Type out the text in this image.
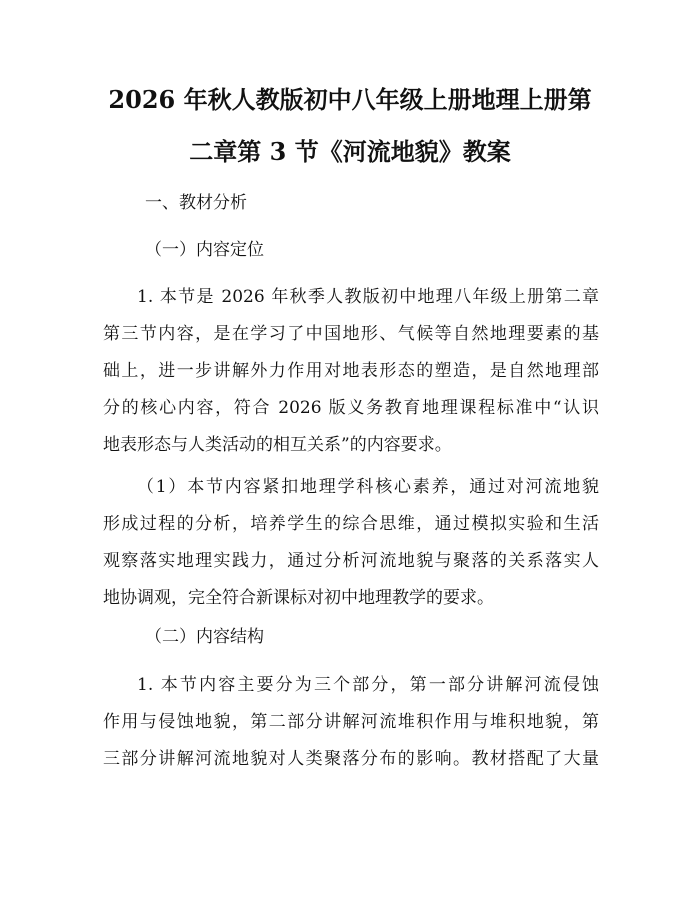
2026 年秋人教版初中八年级上册地理上册第
二章第 3 节《河流地貌》教案

一、教材分析

（一）内容定位

1. 本节是 2026 年秋季人教版初中地理八年级上册第二章
第三节内容，是在学习了中国地形、气候等自然地理要素的基
础上，进一步讲解外力作用对地表形态的塑造，是自然地理部
分的核心内容，符合 2026 版义务教育地理课程标准中“认识
地表形态与人类活动的相互关系”的内容要求。
（1）本节内容紧扣地理学科核心素养，通过对河流地貌
形成过程的分析，培养学生的综合思维，通过模拟实验和生活
观察落实地理实践力，通过分析河流地貌与聚落的关系落实人
地协调观，完全符合新课标对初中地理教学的要求。

（二）内容结构

1. 本节内容主要分为三个部分，第一部分讲解河流侵蚀
作用与侵蚀地貌，第二部分讲解河流堆积作用与堆积地貌，第
三部分讲解河流地貌对人类聚落分布的影响。教材搭配了大量
